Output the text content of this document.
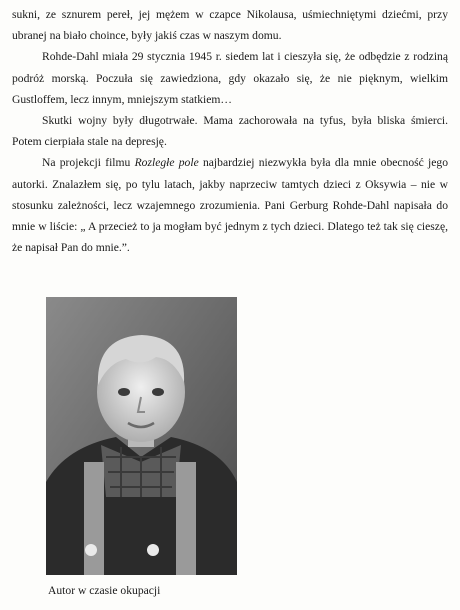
sukni, ze sznurem pereł, jej mężem w czapce Nikolausa, uśmiechniętymi dziećmi, przy ubranej na biało choince, były jakiś czas w naszym domu.

Rohde-Dahl miała 29 stycznia 1945 r. siedem lat i cieszyła się, że odbędzie z rodziną podróż morską. Poczuła się zawiedziona, gdy okazało się, że nie pięknym, wielkim Gustloffem, lecz innym, mniejszym statkiem…

Skutki wojny były długotrwałe. Mama zachorowała na tyfus, była bliska śmierci. Potem cierpiała stale na depresję.

Na projekcji filmu Rozległe pole najbardziej niezwykła była dla mnie obecność jego autorki. Znalazłem się, po tylu latach, jakby naprzeciw tamtych dzieci z Oksywia – nie w stosunku zależności, lecz wzajemnego zrozumienia. Pani Gerburg Rohde-Dahl napisała do mnie w liście: „ A przecież to ja mogłam być jednym z tych dzieci. Dlatego też tak się cieszę, że napisał Pan do mnie.”.

Autor w czasie okupacji
